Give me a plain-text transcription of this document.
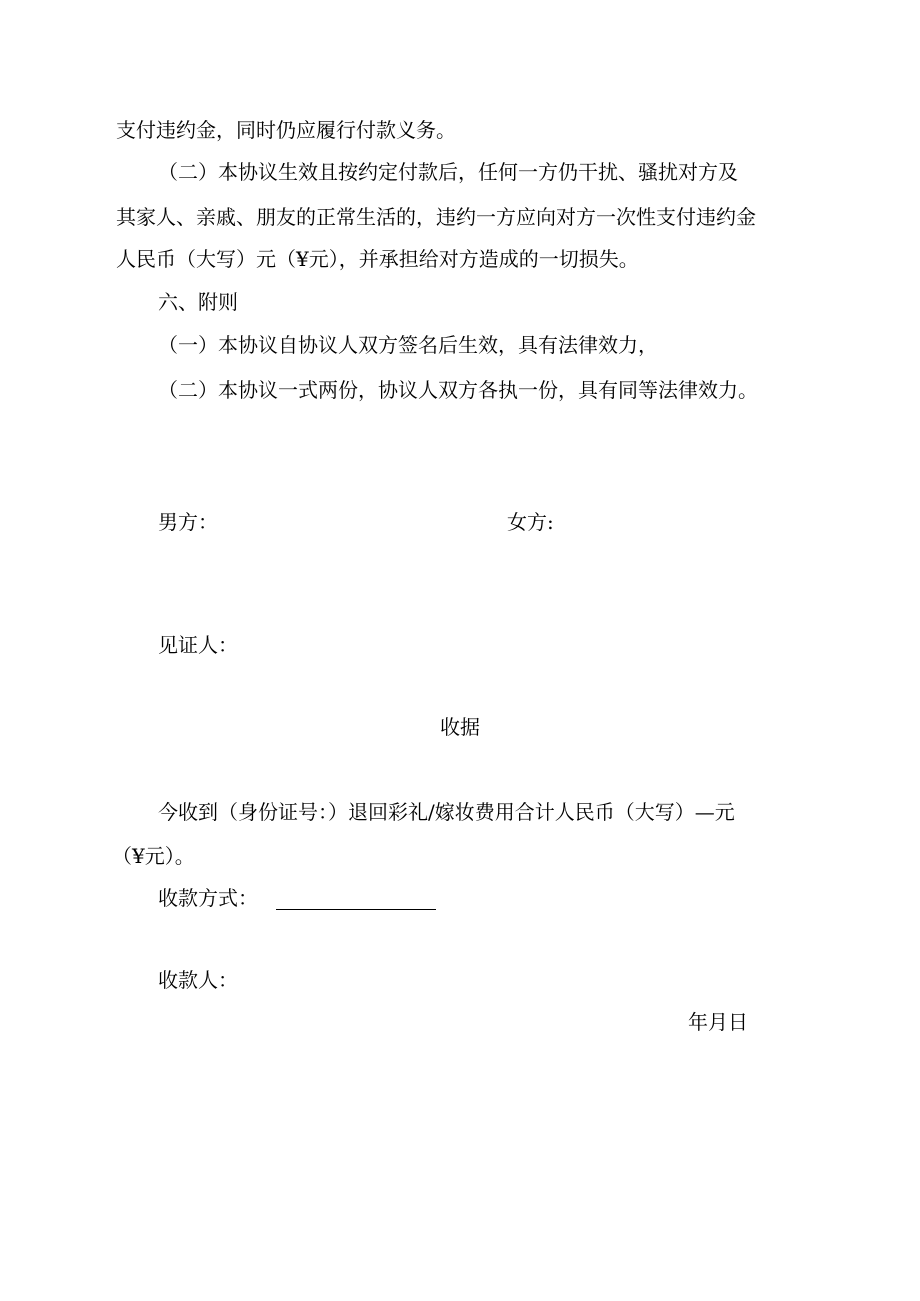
支付违约金，同时仍应履行付款义务。

（二）本协议生效且按约定付款后，任何一方仍干扰、骚扰对方及

其家人、亲戚、朋友的正常生活的，违约一方应向对方一次性支付违约金

人民币（大写）元（¥元），并承担给对方造成的一切损失。

六、附则

（一）本协议自协议人双方签名后生效，具有法律效力，

（二）本协议一式两份，协议人双方各执一份，具有同等法律效力。

男方：	女方:

见证人：

收据

今收到（身份证号：）退回彩礼/嫁妆费用合计人民币（大写）—元

（¥元）。

收款方式：

收款人：

年月日
